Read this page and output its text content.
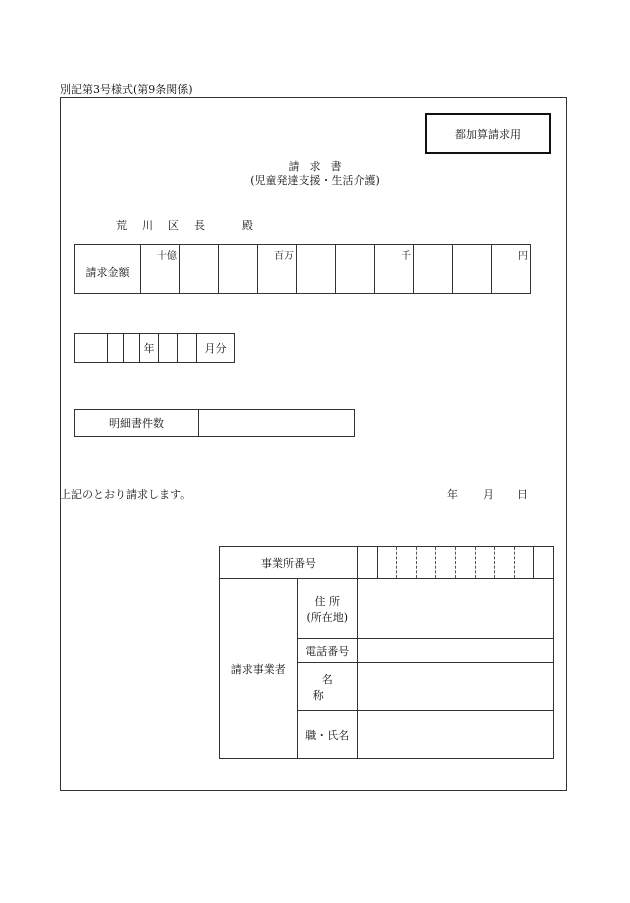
別記第3号様式(第9条関係)
都加算請求用
請求書
(児童発達支援・生活介護)
荒川区長 殿
請求金額	十億			百万			千			円
			年			月分
明細書件数	
上記のとおり請求します。	年 月 日
事業所番号											
請求事業者	住 所
(所在地)										

	電話番号										
	名 称										
	職・氏名										
